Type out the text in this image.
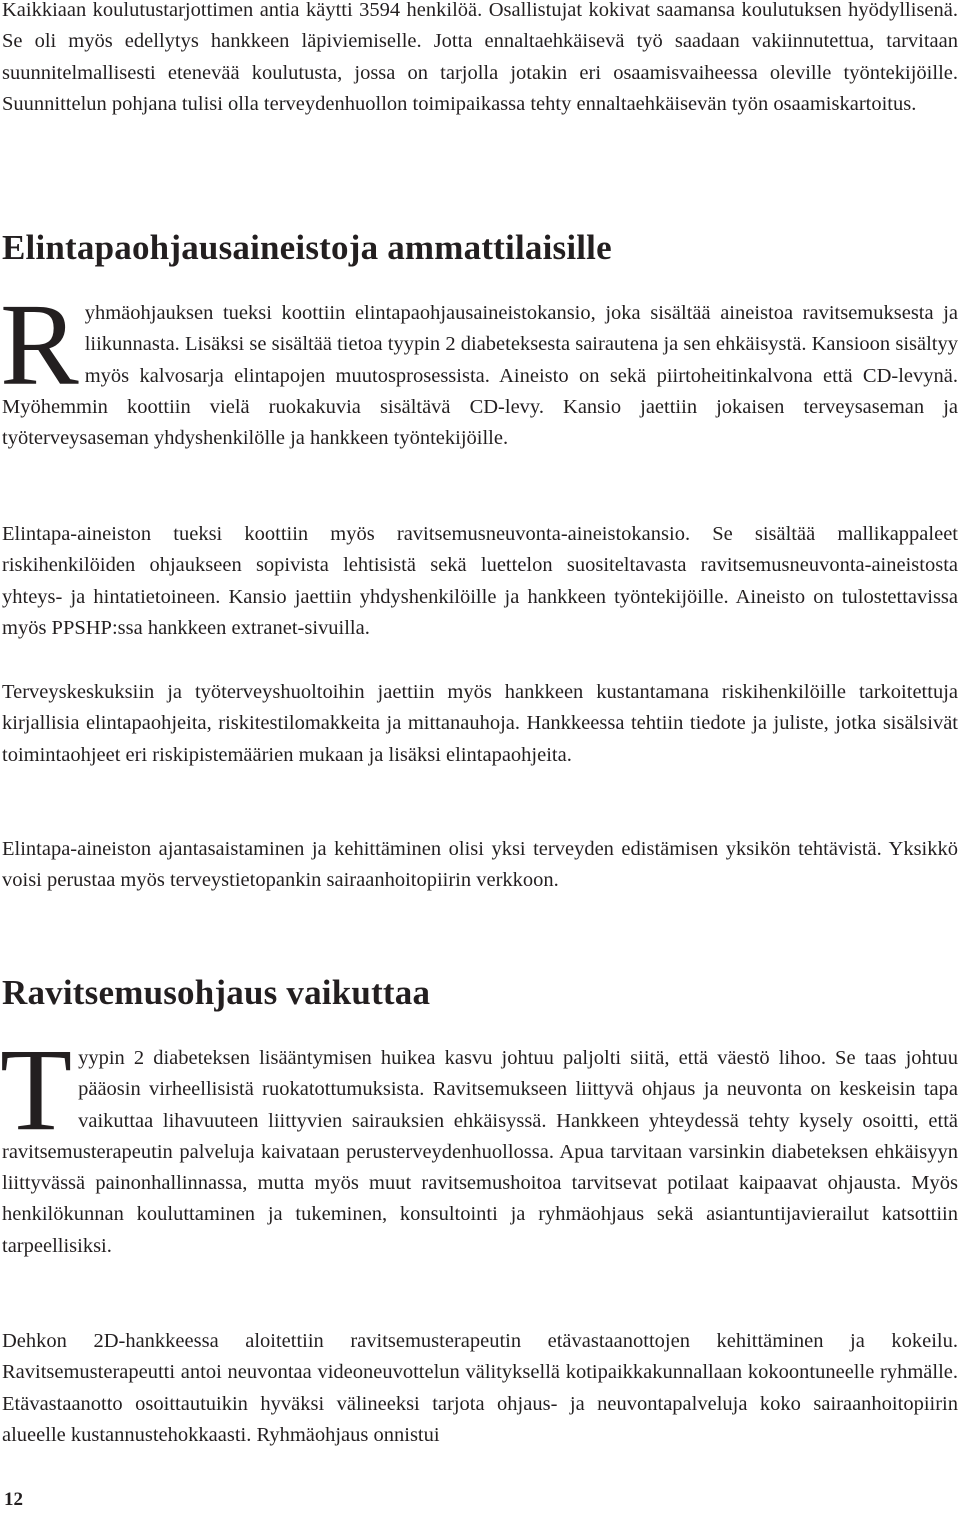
Kaikkiaan koulutustarjottimen antia käytti 3594 henkilöä. Osallistujat kokivat saamansa koulutuksen hyödyllisenä. Se oli myös edellytys hankkeen läpiviemiselle. Jotta ennaltaehkäisevä työ saadaan vakiinnutettua, tarvitaan suunnitelmallisesti etenevää koulutusta, jossa on tarjolla jotakin eri osaamisvaiheessa oleville työntekijöille. Suunnittelun pohjana tulisi olla terveydenhuollon toimipaikassa tehty ennaltaehkäisevän työn osaamiskartoitus.

Elintapaohjausaineistoja ammattilaisille
Ryhmäohjauksen tueksi koottiin elintapaohjausaineistokansio, joka sisältää aineistoa ravitsemuksesta ja liikunnasta. Lisäksi se sisältää tietoa tyypin 2 diabeteksesta sairautena ja sen ehkäisystä. Kansioon sisältyy myös kalvosarja elintapojen muutosprosessista. Aineisto on sekä piirtoheitinkalvona että CD-levynä. Myöhemmin koottiin vielä ruokakuvia sisältävä CD-levy. Kansio jaettiin jokaisen terveysaseman ja työterveysaseman yhdyshenkilölle ja hankkeen työntekijöille.

Elintapa-aineiston tueksi koottiin myös ravitsemusneuvonta-aineistokansio. Se sisältää mallikappaleet riskihenkilöiden ohjaukseen sopivista lehtisistä sekä luettelon suositeltavasta ravitsemusneuvonta-aineistosta yhteys- ja hintatietoineen. Kansio jaettiin yhdyshenkilöille ja hankkeen työntekijöille. Aineisto on tulostettavissa myös PPSHP:ssa hankkeen extranet-sivuilla.

Terveyskeskuksiin ja työterveyshuoltoihin jaettiin myös hankkeen kustantamana riskihenkilöille tarkoitettuja kirjallisia elintapaohjeita, riskitestilomakkeita ja mittanauhoja. Hankkeessa tehtiin tiedote ja juliste, jotka sisälsivät toimintaohjeet eri riskipistemäärien mukaan ja lisäksi elintapaohjeita.

Elintapa-aineiston ajantasaistaminen ja kehittäminen olisi yksi terveyden edistämisen yksikön tehtävistä. Yksikkö voisi perustaa myös terveystietopankin sairaanhoitopiirin verkkoon.

Ravitsemusohjaus vaikuttaa
Tyypin 2 diabeteksen lisääntymisen huikea kasvu johtuu paljolti siitä, että väestö lihoo. Se taas johtuu pääosin virheellisistä ruokatottumuksista. Ravitsemukseen liittyvä ohjaus ja neuvonta on keskeisin tapa vaikuttaa lihavuuteen liittyvien sairauksien ehkäisyssä. Hankkeen yhteydessä tehty kysely osoitti, että ravitsemusterapeutin palveluja kaivataan perusterveydenhuollossa. Apua tarvitaan varsinkin diabeteksen ehkäisyyn liittyvässä painonhallinnassa, mutta myös muut ravitsemushoitoa tarvitsevat potilaat kaipaavat ohjausta. Myös henkilökunnan kouluttaminen ja tukeminen, konsultointi ja ryhmäohjaus sekä asiantuntijavierailut katsottiin tarpeellisiksi.

Dehkon 2D-hankkeessa aloitettiin ravitsemusterapeutin etävastaanottojen kehittäminen ja kokeilu. Ravitsemusterapeutti antoi neuvontaa videoneuvottelun välityksellä kotipaikkakunnallaan kokoontuneelle ryhmälle. Etävastaanotto osoittautuikin hyväksi välineeksi tarjota ohjaus- ja neuvontapalveluja koko sairaanhoitopiirin alueelle kustannustehokkaasti. Ryhmäohjaus onnistui

12
